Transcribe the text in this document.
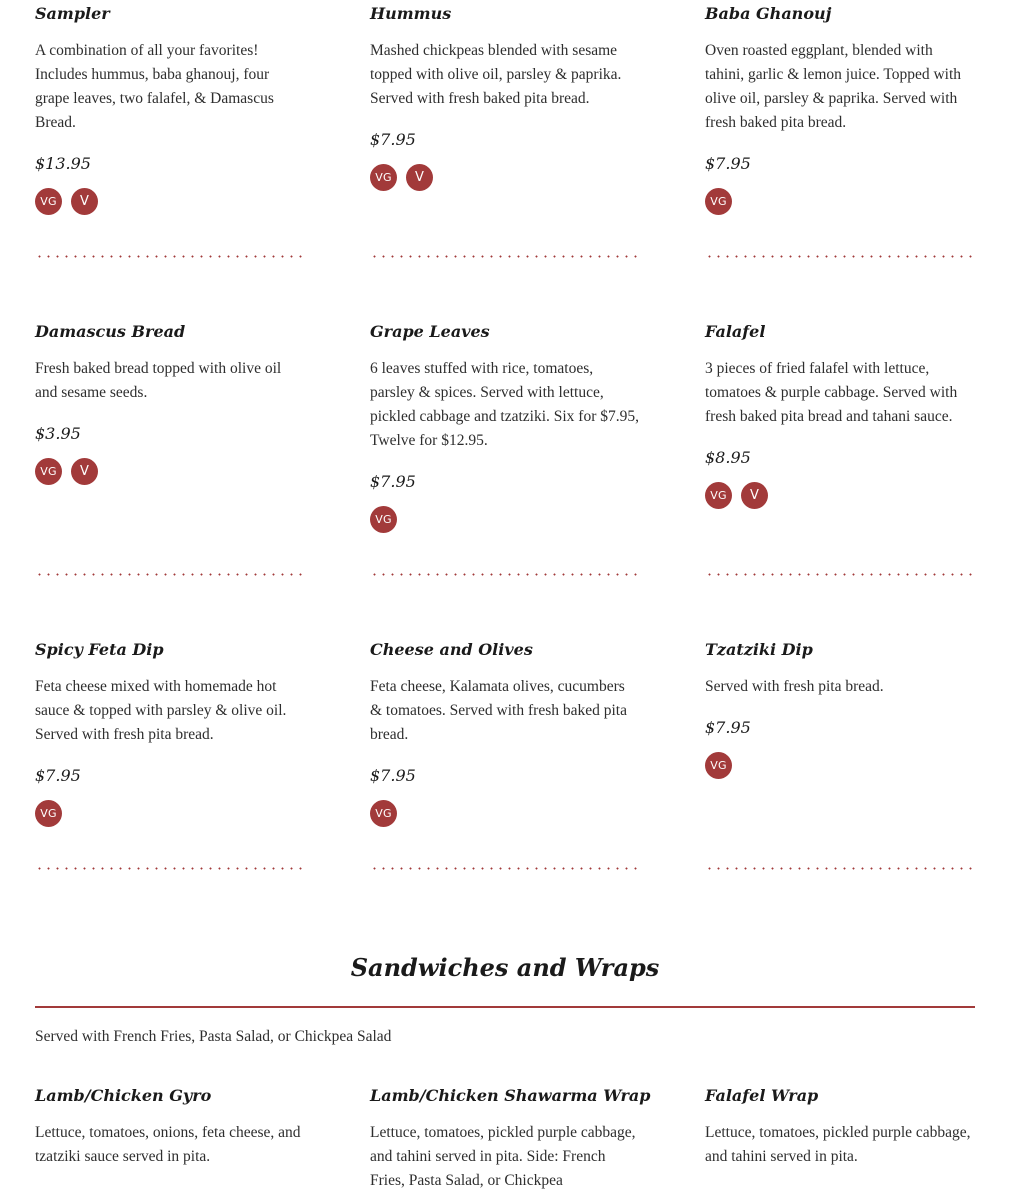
Sampler
A combination of all your favorites! Includes hummus, baba ghanouj, four grape leaves, two falafel, & Damascus Bread.
$13.95
VG	V
Hummus
Mashed chickpeas blended with sesame topped with olive oil, parsley & paprika. Served with fresh baked pita bread.
$7.95
VG	V
Baba Ghanouj
Oven roasted eggplant, blended with tahini, garlic & lemon juice. Topped with olive oil, parsley & paprika. Served with fresh baked pita bread.
$7.95
VG
Damascus Bread
Fresh baked bread topped with olive oil and sesame seeds.
$3.95
VG	V
Grape Leaves
6 leaves stuffed with rice, tomatoes, parsley & spices. Served with lettuce, pickled cabbage and tzatziki. Six for $7.95, Twelve for $12.95.
$7.95
VG
Falafel
3 pieces of fried falafel with lettuce, tomatoes & purple cabbage. Served with fresh baked pita bread and tahani sauce.
$8.95
VG	V
Spicy Feta Dip
Feta cheese mixed with homemade hot sauce & topped with parsley & olive oil. Served with fresh pita bread.
$7.95
VG
Cheese and Olives
Feta cheese, Kalamata olives, cucumbers & tomatoes. Served with fresh baked pita bread.
$7.95
VG
Tzatziki Dip
Served with fresh pita bread.
$7.95
VG
Sandwiches and Wraps
Served with French Fries, Pasta Salad, or Chickpea Salad
Lamb/Chicken Gyro
Lettuce, tomatoes, onions, feta cheese, and tzatziki sauce served in pita.
Lamb/Chicken Shawarma Wrap
Lettuce, tomatoes, pickled purple cabbage, and tahini served in pita. Side: French Fries, Pasta Salad, or Chickpea
Falafel Wrap
Lettuce, tomatoes, pickled purple cabbage, and tahini served in pita.
